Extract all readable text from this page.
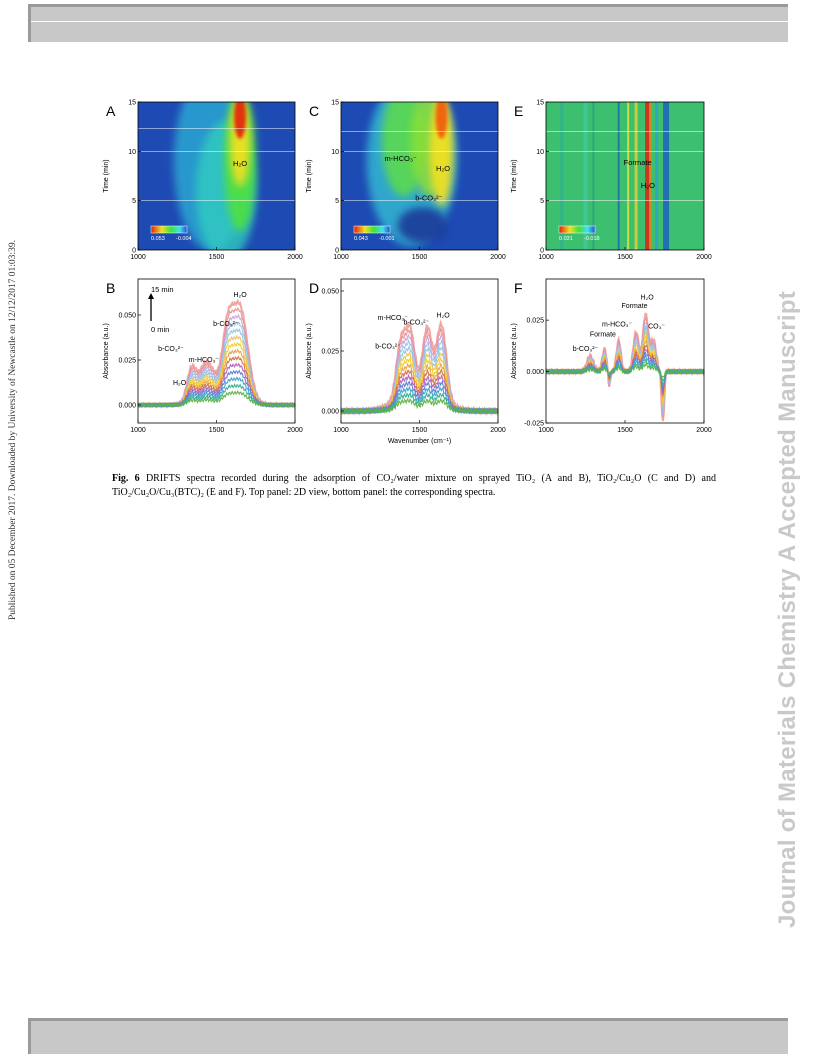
Published on 05 December 2017. Downloaded by University of Newcastle on 12/12/2017 01:03:39.	Journal of Materials Chemistry A Accepted Manuscript
0.053 -0.004
H₂O
1000	1500	2000
0
5
10
15
Time (min)
A
0.043 -0.001
m-HCO₃⁻
H₂O
b-CO₃²⁻
1000	1500	2000
0
5
10
15
Time (min)
C
0.031 -0.018
Formate
H₂O
1000	1500	2000
0
5
10
15
Time (min)
E
H₂O
b-CO₃²⁻
b-CO₃²⁻
m-HCO₃⁻
H₂O
15 min
0 min
1000	1500	2000
0.000
0.025
0.050
Absorbance (a.u.)
B
m-HCO₃⁻
b-CO₃²⁻
H₂O
b-CO₃²⁻
1000	1500	2000
0.000
0.025
0.050
Absorbance (a.u.)
Wavenumber (cm⁻¹)
D
Formate
H₂O
m-HCO₃⁻
Formate
b-CO₃²⁻
CO₃⁻
1000	1500	2000
-0.025
0.000
0.025
Absorbance (a.u.)
F
Fig. 6 DRIFTS spectra recorded during the adsorption of CO₂/water mixture on sprayed TiO₂ (A and B), TiO₂/Cu₂O (C and D) and TiO₂/Cu₂O/Cu₃(BTC)₂ (E and F). Top panel: 2D view, bottom panel: the corresponding spectra.
